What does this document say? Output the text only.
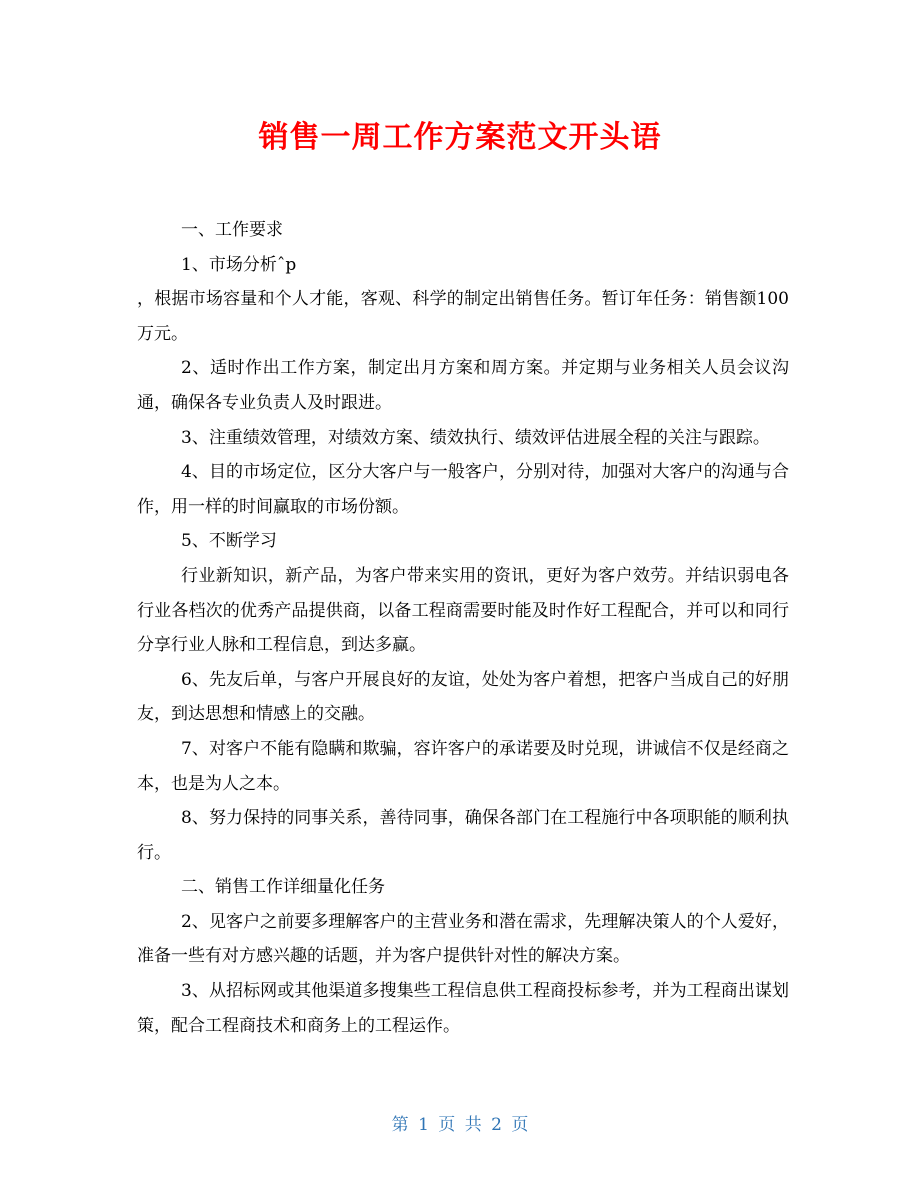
销售一周工作方案范文开头语

一、工作要求

1、市场分析ˆp

，根据市场容量和个人才能，客观、科学的制定出销售任务。暂订年任务：销售额100万元。

2、适时作出工作方案，制定出月方案和周方案。并定期与业务相关人员会议沟通，确保各专业负责人及时跟进。

3、注重绩效管理，对绩效方案、绩效执行、绩效评估进展全程的关注与跟踪。

4、目的市场定位，区分大客户与一般客户，分别对待，加强对大客户的沟通与合作，用一样的时间赢取的市场份额。

5、不断学习

行业新知识，新产品，为客户带来实用的资讯，更好为客户效劳。并结识弱电各行业各档次的优秀产品提供商，以备工程商需要时能及时作好工程配合，并可以和同行分享行业人脉和工程信息，到达多赢。

6、先友后单，与客户开展良好的友谊，处处为客户着想，把客户当成自己的好朋友，到达思想和情感上的交融。

7、对客户不能有隐瞒和欺骗，容许客户的承诺要及时兑现，讲诚信不仅是经商之本，也是为人之本。

8、努力保持的同事关系，善待同事，确保各部门在工程施行中各项职能的顺利执行。

二、销售工作详细量化任务

2、见客户之前要多理解客户的主营业务和潜在需求，先理解决策人的个人爱好，准备一些有对方感兴趣的话题，并为客户提供针对性的解决方案。

3、从招标网或其他渠道多搜集些工程信息供工程商投标参考，并为工程商出谋划策，配合工程商技术和商务上的工程运作。

第 1 页 共 2 页
